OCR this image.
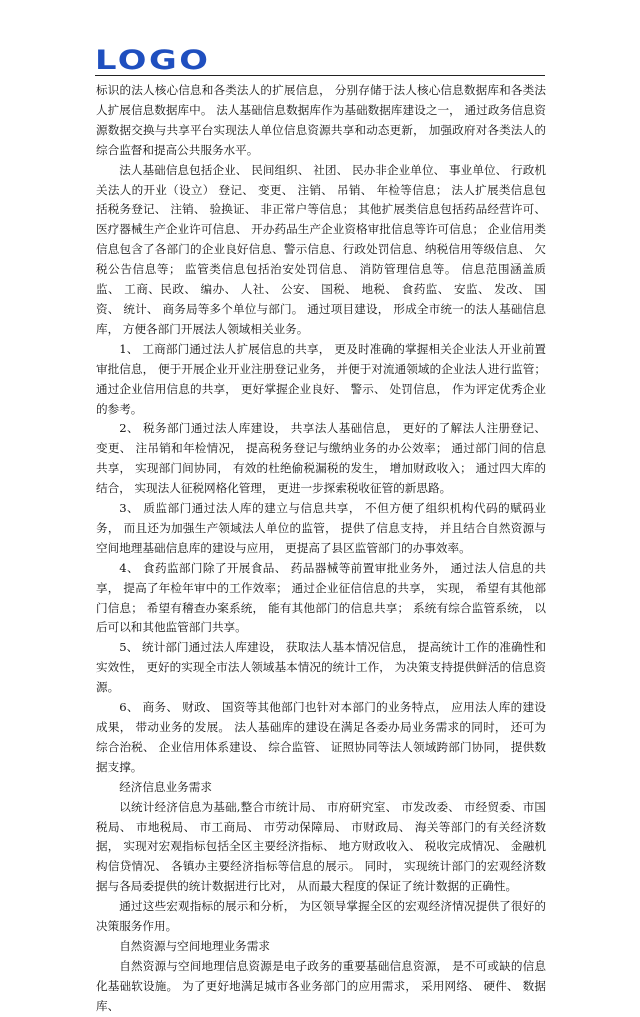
LOGO

标识的法人核心信息和各类法人的扩展信息， 分别存储于法人核心信息数据库和各类法人扩展信息数据库中。 法人基础信息数据库作为基础数据库建设之一， 通过政务信息资源数据交换与共享平台实现法人单位信息资源共享和动态更新， 加强政府对各类法人的综合监督和提高公共服务水平。

法人基础信息包括企业、 民间组织、 社团、 民办非企业单位、 事业单位、 行政机关法人的开业（设立） 登记、 变更、 注销、 吊销、 年检等信息； 法人扩展类信息包括税务登记、 注销、 验换证、 非正常户等信息； 其他扩展类信息包括药品经营许可、 医疗器械生产企业许可信息、 开办药品生产企业资格审批信息等许可信息； 企业信用类信息包含了各部门的企业良好信息、警示信息、行政处罚信息、纳税信用等级信息、 欠税公告信息等； 监管类信息包括治安处罚信息、 消防管理信息等。 信息范围涵盖质监、 工商、民政、 编办、 人社、 公安、 国税、 地税、 食药监、 安监、 发改、 国资、 统计、 商务局等多个单位与部门。 通过项目建设， 形成全市统一的法人基础信息库， 方便各部门开展法人领域相关业务。

1、 工商部门通过法人扩展信息的共享， 更及时准确的掌握相关企业法人开业前置审批信息， 便于开展企业开业注册登记业务， 并便于对流通领域的企业法人进行监管； 通过企业信用信息的共享， 更好掌握企业良好、 警示、 处罚信息， 作为评定优秀企业的参考。

2、 税务部门通过法人库建设， 共享法人基础信息， 更好的了解法人注册登记、 变更、 注吊销和年检情况， 提高税务登记与缴纳业务的办公效率； 通过部门间的信息共享， 实现部门间协同， 有效的杜绝偷税漏税的发生， 增加财政收入； 通过四大库的结合， 实现法人征税网格化管理， 更进一步探索税收征管的新思路。

3、 质监部门通过法人库的建立与信息共享， 不但方便了组织机构代码的赋码业务， 而且还为加强生产领域法人单位的监管， 提供了信息支持， 并且结合自然资源与空间地理基础信息库的建设与应用， 更提高了县区监管部门的办事效率。

4、 食药监部门除了开展食品、 药品器械等前置审批业务外， 通过法人信息的共享， 提高了年检年审中的工作效率； 通过企业征信信息的共享， 实现， 希望有其他部门信息； 希望有稽查办案系统， 能有其他部门的信息共享； 系统有综合监管系统， 以后可以和其他监管部门共享。

5、 统计部门通过法人库建设， 获取法人基本情况信息， 提高统计工作的准确性和实效性， 更好的实现全市法人领域基本情况的统计工作， 为决策支持提供鲜活的信息资源。

6、 商务、 财政、 国资等其他部门也针对本部门的业务特点， 应用法人库的建设成果， 带动业务的发展。 法人基础库的建设在满足各委办局业务需求的同时， 还可为综合治税、 企业信用体系建设、 综合监管、 证照协同等法人领域跨部门协同， 提供数据支撑。

经济信息业务需求

以统计经济信息为基础,整合市统计局、 市府研究室、 市发改委、 市经贸委、市国税局、 市地税局、 市工商局、 市劳动保障局、 市财政局、 海关等部门的有关经济数据， 实现对宏观指标包括全区主要经济指标、 地方财政收入、 税收完成情况、 金融机构信贷情况、 各镇办主要经济指标等信息的展示。 同时， 实现统计部门的宏观经济数据与各局委提供的统计数据进行比对， 从而最大程度的保证了统计数据的正确性。

通过这些宏观指标的展示和分析， 为区领导掌握全区的宏观经济情况提供了很好的决策服务作用。

自然资源与空间地理业务需求

自然资源与空间地理信息资源是电子政务的重要基础信息资源， 是不可或缺的信息化基础软设施。 为了更好地满足城市各业务部门的应用需求， 采用网络、 硬件、 数据库、
